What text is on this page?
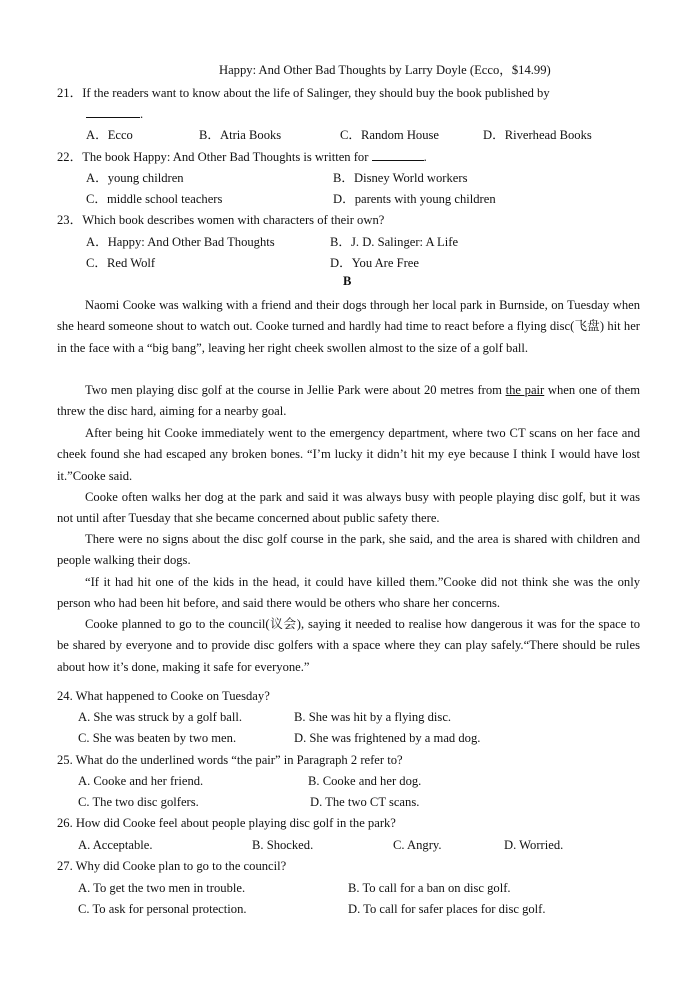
Happy: And Other Bad Thoughts by Larry Doyle (Ecco，$14.99)
21．If the readers want to know about the life of Salinger, they should buy the book published by
.
A．Ecco	B．Atria Books	C．Random House	D．Riverhead Books
22．The book Happy: And Other Bad Thoughts is written for	.
A．young children	B．Disney World workers
C．middle school teachers	D．parents with young children
23．Which book describes women with characters of their own?
A．Happy: And Other Bad Thoughts	B．J. D. Salinger: A Life
C．Red Wolf	D．You Are Free
B
Naomi Cooke was walking with a friend and their dogs through her local park in Burnside, on Tuesday when she heard someone shout to watch out. Cooke turned and hardly had time to react before a flying disc(飞盘) hit her in the face with a “big bang”, leaving her right cheek swollen almost to the size of a golf ball.
Two men playing disc golf at the course in Jellie Park were about 20 metres from the pair when one of them threw the disc hard, aiming for a nearby goal.
After being hit Cooke immediately went to the emergency department, where two CT scans on her face and cheek found she had escaped any broken bones. “I’m lucky it didn’t hit my eye because I think I would have lost it.”Cooke said.
Cooke often walks her dog at the park and said it was always busy with people playing disc golf, but it was not until after Tuesday that she became concerned about public safety there.
There were no signs about the disc golf course in the park, she said, and the area is shared with children and people walking their dogs.
“If it had hit one of the kids in the head, it could have killed them.”Cooke did not think she was the only person who had been hit before, and said there would be others who share her concerns.
Cooke planned to go to the council(议会), saying it needed to realise how dangerous it was for the space to be shared by everyone and to provide disc golfers with a space where they can play safely.“There should be rules about how it’s done, making it safe for everyone.”
24. What happened to Cooke on Tuesday?
A. She was struck by a golf ball.	B. She was hit by a flying disc.
C. She was beaten by two men.	D. She was frightened by a mad dog.
25. What do the underlined words “the pair” in Paragraph 2 refer to?
A. Cooke and her friend.	B. Cooke and her dog.
C. The two disc golfers.	D. The two CT scans.
26. How did Cooke feel about people playing disc golf in the park?
A. Acceptable.	B. Shocked.	C. Angry.	D. Worried.
27. Why did Cooke plan to go to the council?
A. To get the two men in trouble.	B. To call for a ban on disc golf.
C. To ask for personal protection.	D. To call for safer places for disc golf.
